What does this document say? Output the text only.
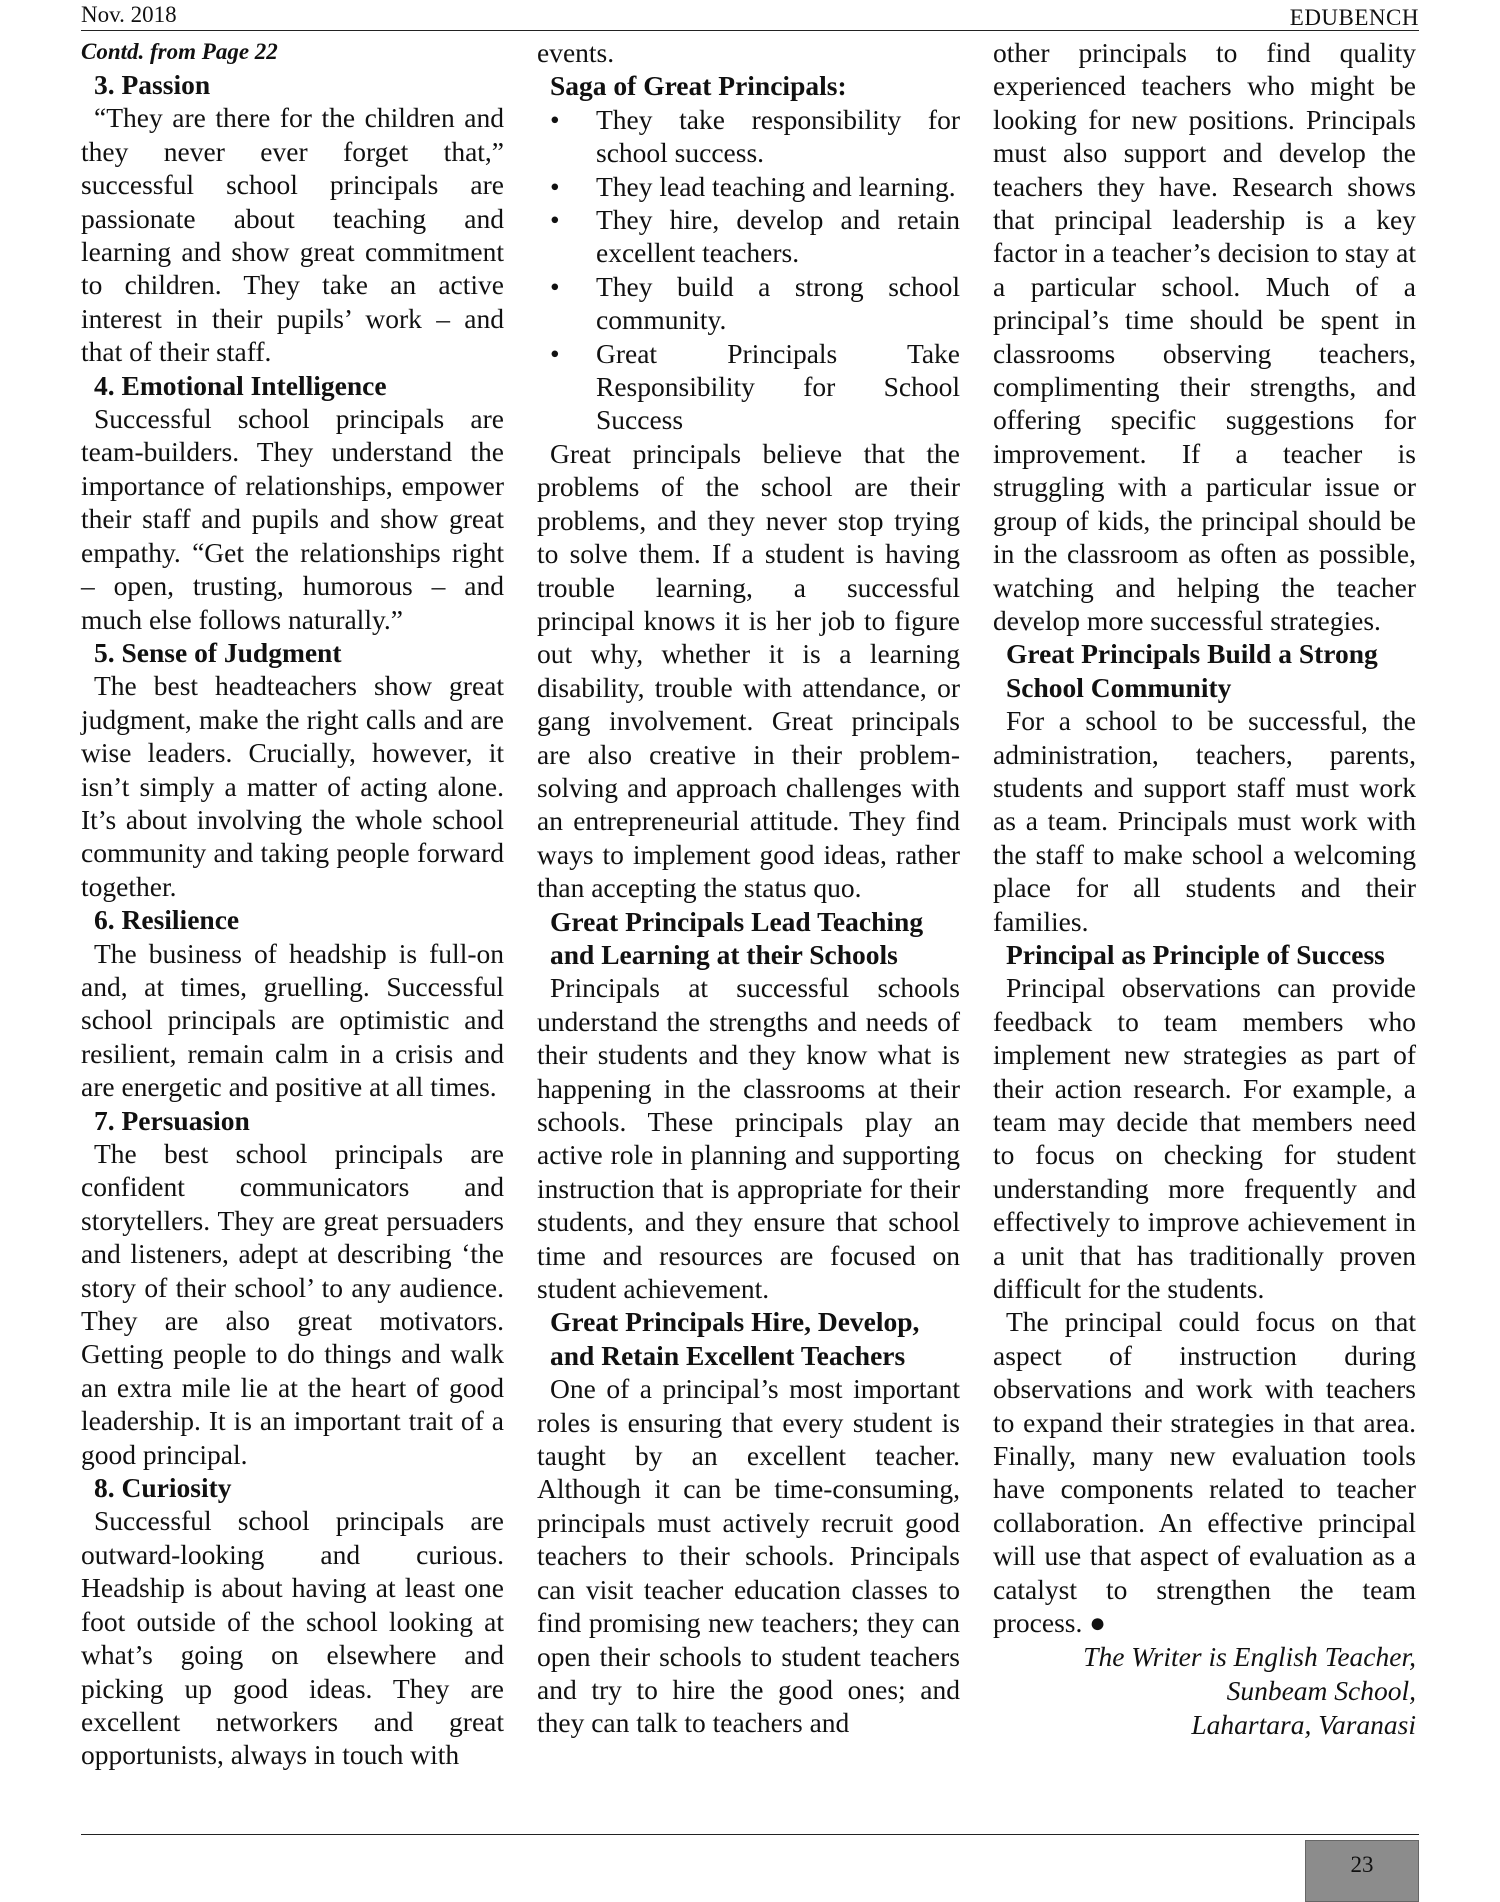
Nov. 2018	EDUBENCH
Contd. from Page 22
3. Passion

“They are there for the children and they never ever forget that,” successful school principals are passionate about teaching and learning and show great commitment to children. They take an active interest in their pupils’ work – and that of their staff.

4. Emotional Intelligence

Successful school principals are team-builders. They understand the importance of relationships, empower their staff and pupils and show great empathy. “Get the relationships right – open, trusting, humorous – and much else follows naturally.”

5. Sense of Judgment

The best headteachers show great judgment, make the right calls and are wise leaders. Crucially, however, it isn’t simply a matter of acting alone. It’s about involving the whole school community and taking people forward together.

6. Resilience

The business of headship is full-on and, at times, gruelling. Successful school principals are optimistic and resilient, remain calm in a crisis and are energetic and positive at all times.

7. Persuasion

The best school principals are confident communicators and storytellers. They are great persuaders and listeners, adept at describing ‘the story of their school’ to any audience. They are also great motivators. Getting people to do things and walk an extra mile lie at the heart of good leadership. It is an important trait of a good principal.

8. Curiosity

Successful school principals are outward-looking and curious. Headship is about having at least one foot outside of the school looking at what’s going on elsewhere and picking up good ideas. They are excellent networkers and great opportunists, always in touch with

events.

Saga of Great Principals:
• They take responsibility for school success.
• They lead teaching and learning.
• They hire, develop and retain excellent teachers.
• They build a strong school community.
• Great Principals Take Responsibility for School Success

Great principals believe that the problems of the school are their problems, and they never stop trying to solve them. If a student is having trouble learning, a successful principal knows it is her job to figure out why, whether it is a learning disability, trouble with attendance, or gang involvement. Great principals are also creative in their problem-solving and approach challenges with an entrepreneurial attitude. They find ways to implement good ideas, rather than accepting the status quo.

Great Principals Lead Teaching and Learning at their Schools

Principals at successful schools understand the strengths and needs of their students and they know what is happening in the classrooms at their schools. These principals play an active role in planning and supporting instruction that is appropriate for their students, and they ensure that school time and resources are focused on student achievement.

Great Principals Hire, Develop, and Retain Excellent Teachers

One of a principal’s most important roles is ensuring that every student is taught by an excellent teacher. Although it can be time-consuming, principals must actively recruit good teachers to their schools. Principals can visit teacher education classes to find promising new teachers; they can open their schools to student teachers and try to hire the good ones; and they can talk to teachers and

other principals to find quality experienced teachers who might be looking for new positions. Principals must also support and develop the teachers they have. Research shows that principal leadership is a key factor in a teacher’s decision to stay at a particular school. Much of a principal’s time should be spent in classrooms observing teachers, complimenting their strengths, and offering specific suggestions for improvement. If a teacher is struggling with a particular issue or group of kids, the principal should be in the classroom as often as possible, watching and helping the teacher develop more successful strategies.

Great Principals Build a Strong School Community

For a school to be successful, the administration, teachers, parents, students and support staff must work as a team. Principals must work with the staff to make school a welcoming place for all students and their families.

Principal as Principle of Success

Principal observations can provide feedback to team members who implement new strategies as part of their action research. For example, a team may decide that members need to focus on checking for student understanding more frequently and effectively to improve achievement in a unit that has traditionally proven difficult for the students.

The principal could focus on that aspect of instruction during observations and work with teachers to expand their strategies in that area. Finally, many new evaluation tools have components related to teacher collaboration. An effective principal will use that aspect of evaluation as a catalyst to strengthen the team process. ●

The Writer is English Teacher,
Sunbeam School,
Lahartara, Varanasi
23
